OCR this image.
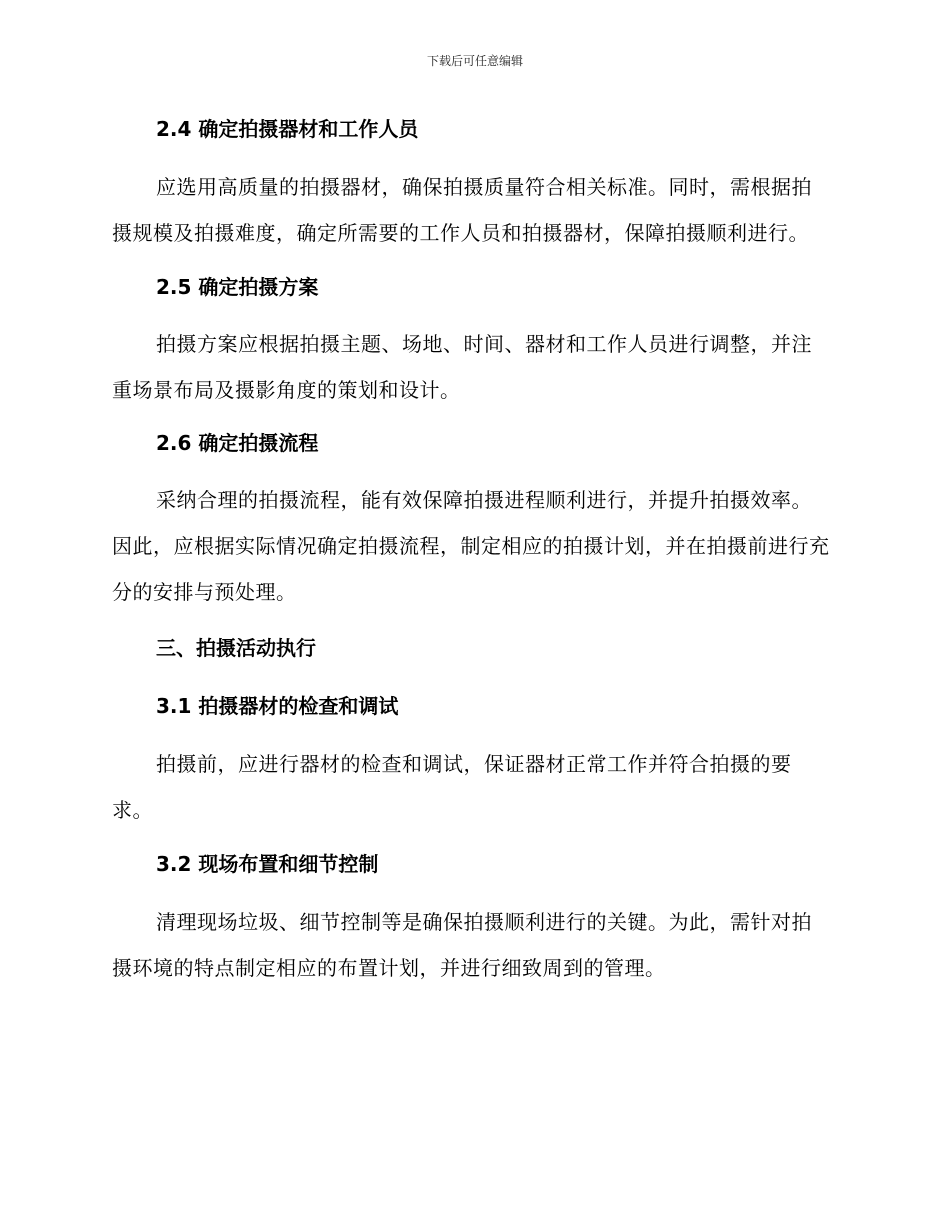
下载后可任意编辑
2.4 确定拍摄器材和工作人员

应选用高质量的拍摄器材，确保拍摄质量符合相关标准。同时，需根据拍摄规模及拍摄难度，确定所需要的工作人员和拍摄器材，保障拍摄顺利进行。

2.5 确定拍摄方案

拍摄方案应根据拍摄主题、场地、时间、器材和工作人员进行调整，并注重场景布局及摄影角度的策划和设计。

2.6 确定拍摄流程

采纳合理的拍摄流程，能有效保障拍摄进程顺利进行，并提升拍摄效率。因此，应根据实际情况确定拍摄流程，制定相应的拍摄计划，并在拍摄前进行充分的安排与预处理。

三、拍摄活动执行
3.1 拍摄器材的检查和调试

拍摄前，应进行器材的检查和调试，保证器材正常工作并符合拍摄的要求。

3.2 现场布置和细节控制

清理现场垃圾、细节控制等是确保拍摄顺利进行的关键。为此，需针对拍摄环境的特点制定相应的布置计划，并进行细致周到的管理。
